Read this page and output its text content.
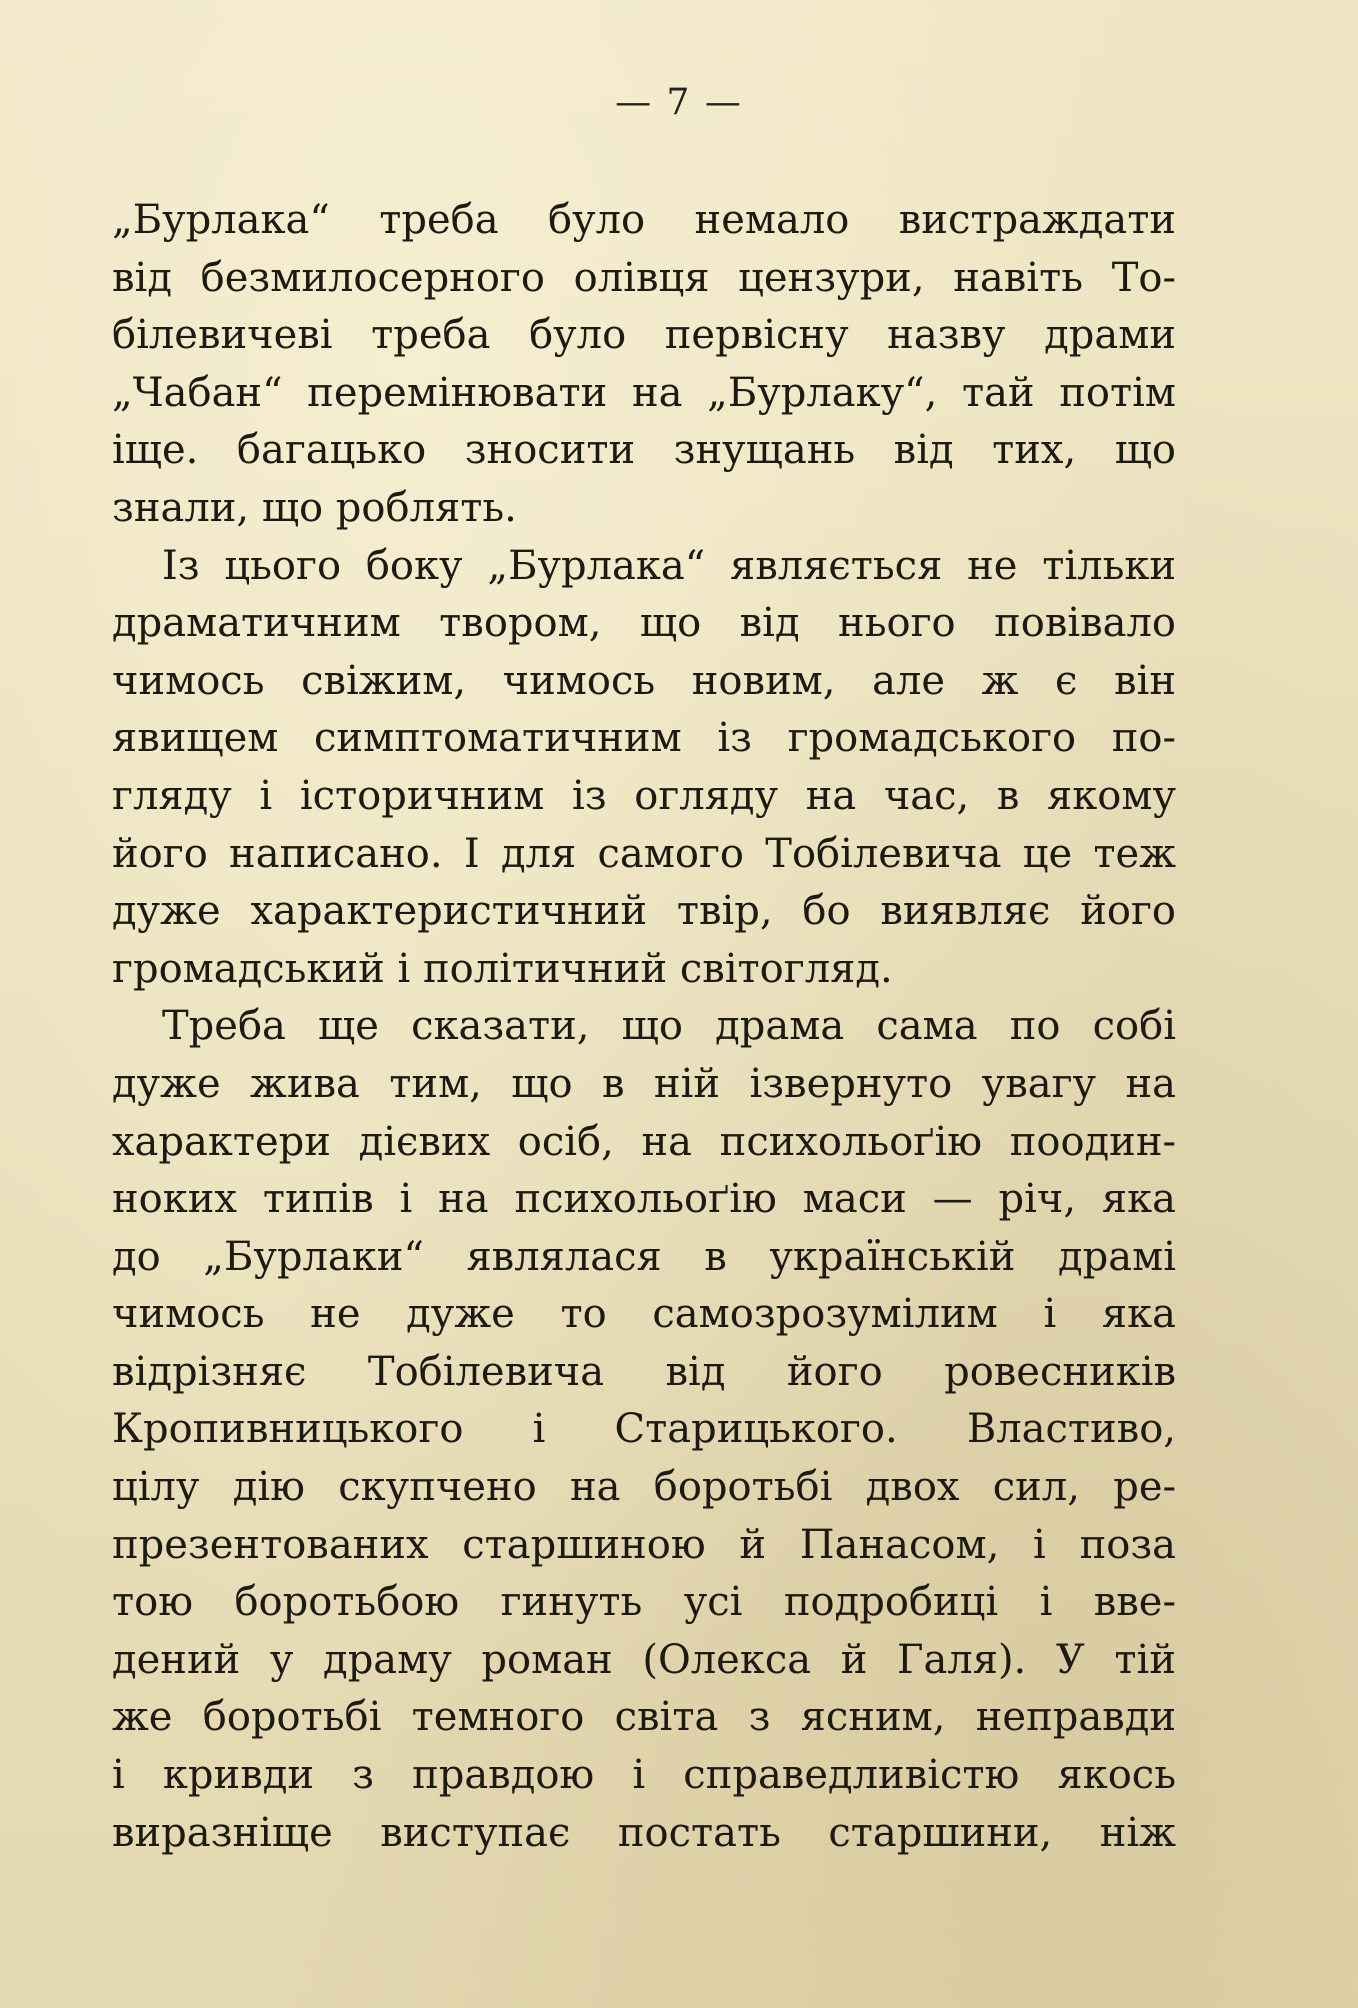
— 7 —
„Бурлака“ треба було немало вистраждати
від безмилосерного олівця цензури, навіть То-
білевичеві треба було первісну назву драми
„Чабан“ перемінювати на „Бурлаку“, тай потім
іще. багацько зносити знущань від тих, що
знали, що роблять.
Із цього боку „Бурлака“ являється не тільки
драматичним твором, що від нього повівало
чимось свіжим, чимось новим, але ж є він
явищем симптоматичним із громадського по-
гляду і історичним із огляду на час, в якому
його написано. І для самого Тобілевича це теж
дуже характеристичний твір, бо виявляє його
громадський і політичний світогляд.
Треба ще сказати, що драма сама по собі
дуже жива тим, що в ній ізвернуто увагу на
характери дієвих осіб, на психольоґію поодин-
ноких типів і на психольоґію маси — річ, яка
до „Бурлаки“ являлася в українській драмі
чимось не дуже то самозрозумілим і яка
відрізняє Тобілевича від його ровесників
Кропивницького і Старицького. Властиво,
цілу дію скупчено на боротьбі двох сил, ре-
презентованих старшиною й Панасом, і поза
тою боротьбою гинуть усі подробиці і вве-
дений у драму роман (Олекса й Галя). У тій
же боротьбі темного світа з ясним, неправди
і кривди з правдою і справедливістю якось
виразніще виступає постать старшини, ніж
